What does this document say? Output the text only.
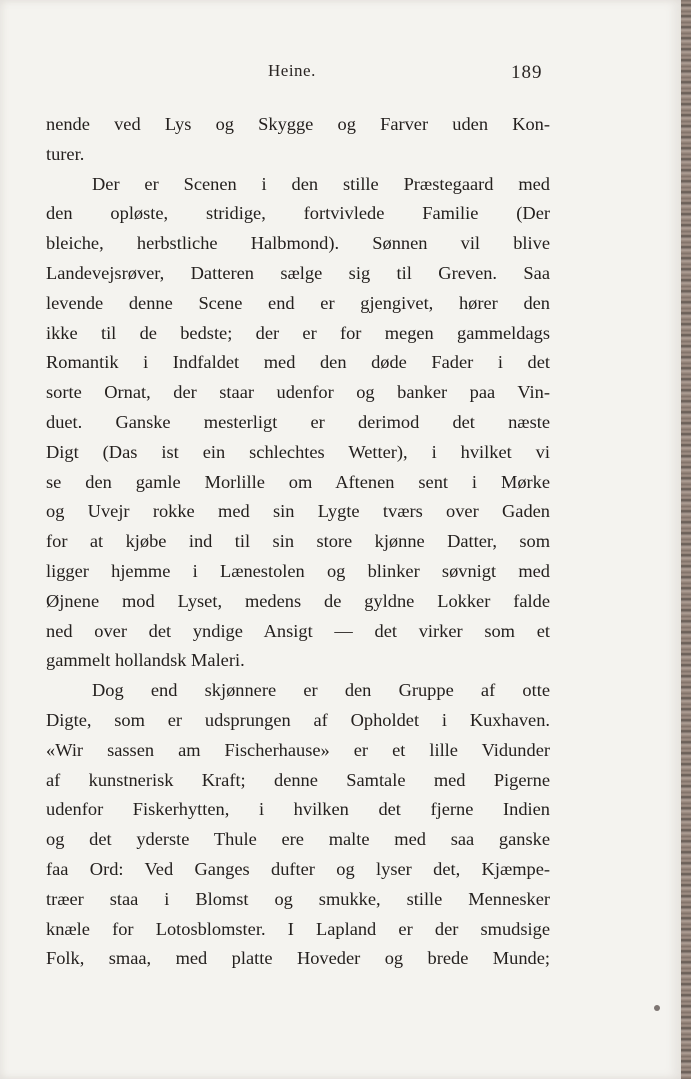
Heine.	189
nende ved Lys og Skygge og Farver uden Kon-
turer.
Der er Scenen i den stille Præstegaard med
den opløste, stridige, fortvivlede Familie (Der
bleiche, herbstliche Halbmond). Sønnen vil blive
Landevejsrøver, Datteren sælge sig til Greven. Saa
levende denne Scene end er gjengivet, hører den
ikke til de bedste; der er for megen gammeldags
Romantik i Indfaldet med den døde Fader i det
sorte Ornat, der staar udenfor og banker paa Vin-
duet. Ganske mesterligt er derimod det næste
Digt (Das ist ein schlechtes Wetter), i hvilket vi
se den gamle Morlille om Aftenen sent i Mørke
og Uvejr rokke med sin Lygte tværs over Gaden
for at kjøbe ind til sin store kjønne Datter, som
ligger hjemme i Lænestolen og blinker søvnigt med
Øjnene mod Lyset, medens de gyldne Lokker falde
ned over det yndige Ansigt — det virker som et
gammelt hollandsk Maleri.
Dog end skjønnere er den Gruppe af otte
Digte, som er udsprungen af Opholdet i Kuxhaven.
«Wir sassen am Fischerhause» er et lille Vidunder
af kunstnerisk Kraft; denne Samtale med Pigerne
udenfor Fiskerhytten, i hvilken det fjerne Indien
og det yderste Thule ere malte med saa ganske
faa Ord: Ved Ganges dufter og lyser det, Kjæmpe-
træer staa i Blomst og smukke, stille Mennesker
knæle for Lotosblomster. I Lapland er der smudsige
Folk, smaa, med platte Hoveder og brede Munde;
